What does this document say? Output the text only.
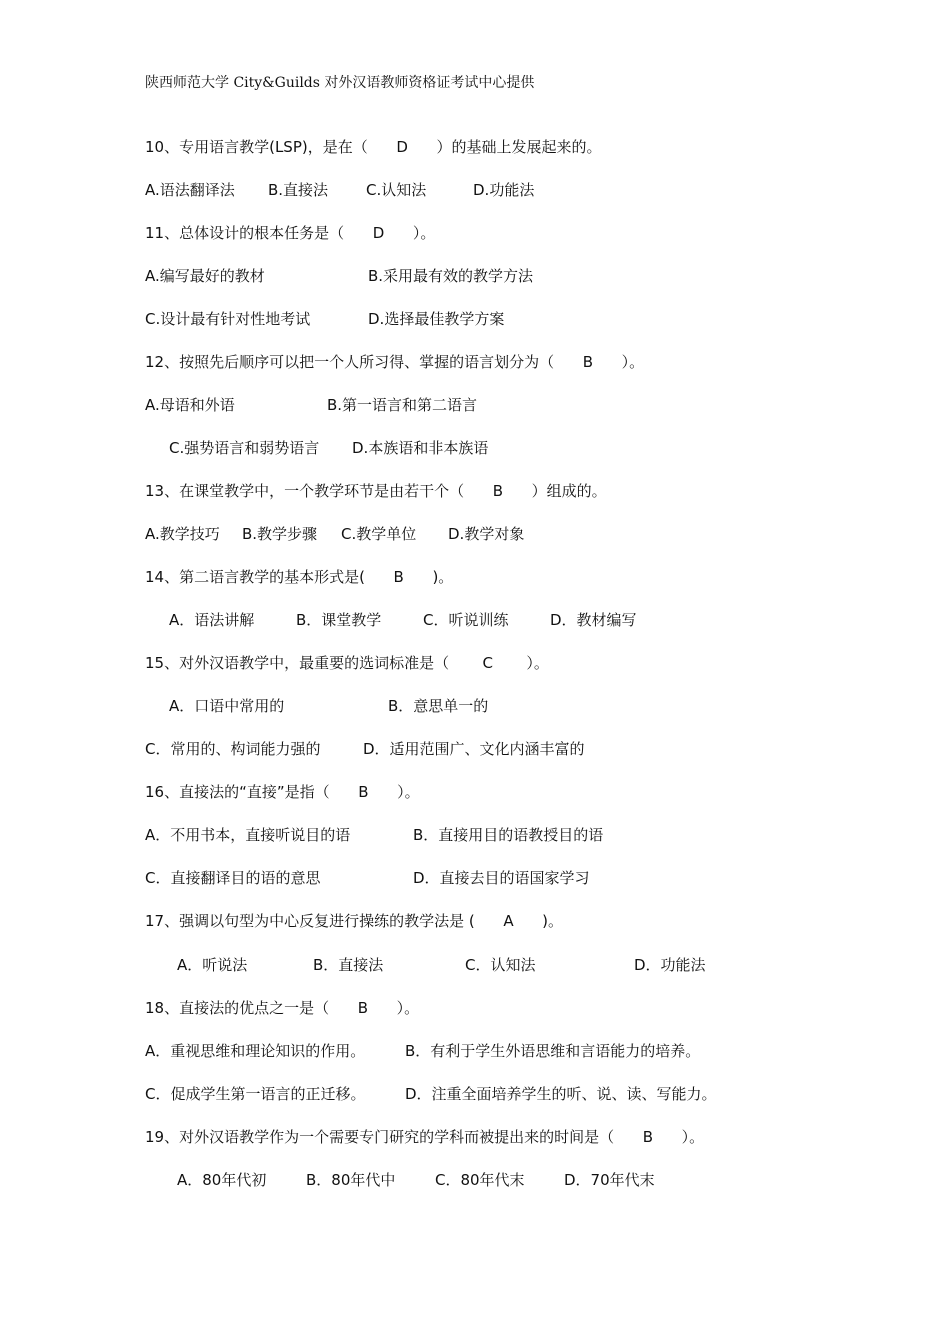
陕西师范大学 City&Guilds 对外汉语教师资格证考试中心提供
10、专用语言教学(LSP)，是在（      D      ）的基础上发展起来的。

A.语法翻译法

B.直接法

	C.认知法

	D.功能法

11、总体设计的根本任务是（      D      ）。

A.编写最好的教材

	B.采用最有效的教学方法

C.设计最有针对性地考试

	D.选择最佳教学方案

12、按照先后顺序可以把一个人所习得、掌握的语言划分为（      B      ）。

A.母语和外语

	B.第一语言和第二语言

C.强势语言和弱势语言

D.本族语和非本族语

13、在课堂教学中，一个教学环节是由若干个（      B      ）组成的。

A.教学技巧

B.教学步骤

C.教学单位

D.教学对象

14、第二语言教学的基本形式是(      B      )。

A．语法讲解

	B．课堂教学

	C．听说训练

	D．教材编写

15、对外汉语教学中，最重要的选词标准是（       C       ）。

A．口语中常用的

	B．意思单一的

C．常用的、构词能力强的

	D．适用范围广、文化内涵丰富的

16、直接法的“直接”是指（      B      ）。

A．不用书本，直接听说目的语

	B．直接用目的语教授目的语

C．直接翻译目的语的意思

	D．直接去目的语国家学习

17、强调以句型为中心反复进行操练的教学法是 (      A      )。

A．听说法

	B．直接法

	C．认知法

	D．功能法

18、直接法的优点之一是（      B      ）。

A．重视思维和理论知识的作用。

	B．有利于学生外语思维和言语能力的培养。

C．促成学生第一语言的正迁移。

	D．注重全面培养学生的听、说、读、写能力。

19、对外汉语教学作为一个需要专门研究的学科而被提出来的时间是（      B      ）。

A．80年代初

	B．80年代中

	C．80年代末

	D．70年代末
